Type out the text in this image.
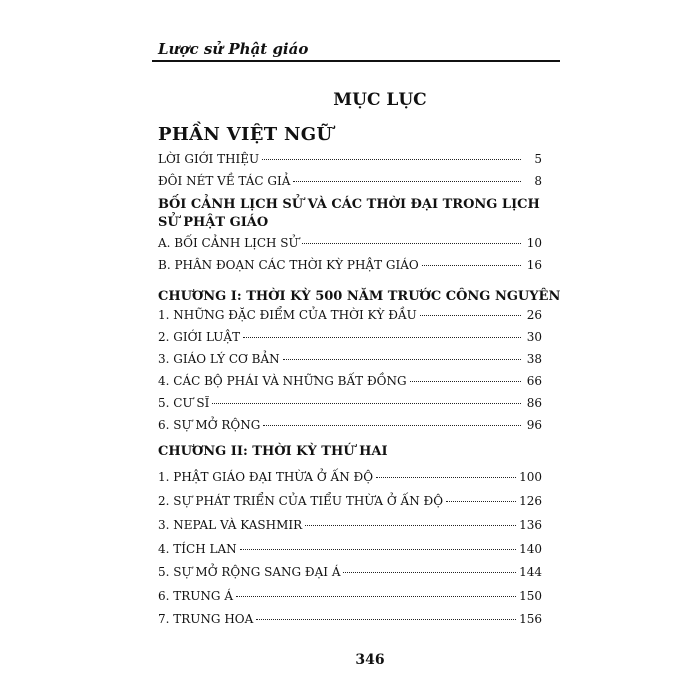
Lược sử Phật giáo
MỤC LỤC
PHẦN VIỆT NGỮ
LỜI GIỚI THIỆU	5
ĐÔI NÉT VỀ TÁC GIẢ	8
BỐI CẢNH LỊCH SỬ VÀ CÁC THỜI ĐẠI TRONG LỊCH SỬ PHẬT GIÁO
A. BỐI CẢNH LỊCH SỬ	10
B. PHÂN ĐOẠN CÁC THỜI KỲ PHẬT GIÁO	16
CHƯƠNG I: THỜI KỲ 500 NĂM TRƯỚC CÔNG NGUYÊN
1. NHỮNG ĐẶC ĐIỂM CỦA THỜI KỲ ĐẦU	26
2. GIỚI LUẬT	30
3. GIÁO LÝ CƠ BẢN	38
4. CÁC BỘ PHÁI VÀ NHỮNG BẤT ĐỒNG	66
5. CƯ SĨ	86
6. SỰ MỞ RỘNG	96
CHƯƠNG II: THỜI KỲ THỨ HAI
1. PHẬT GIÁO ĐẠI THỪA Ở ẤN ĐỘ	100
2. SỰ PHÁT TRIỂN CỦA TIỂU THỪA Ở ẤN ĐỘ	126
3. NEPAL VÀ KASHMIR	136
4. TÍCH LAN	140
5. SỰ MỞ RỘNG SANG ĐẠI Á	144
6. TRUNG Á	150
7. TRUNG HOA	156
346
